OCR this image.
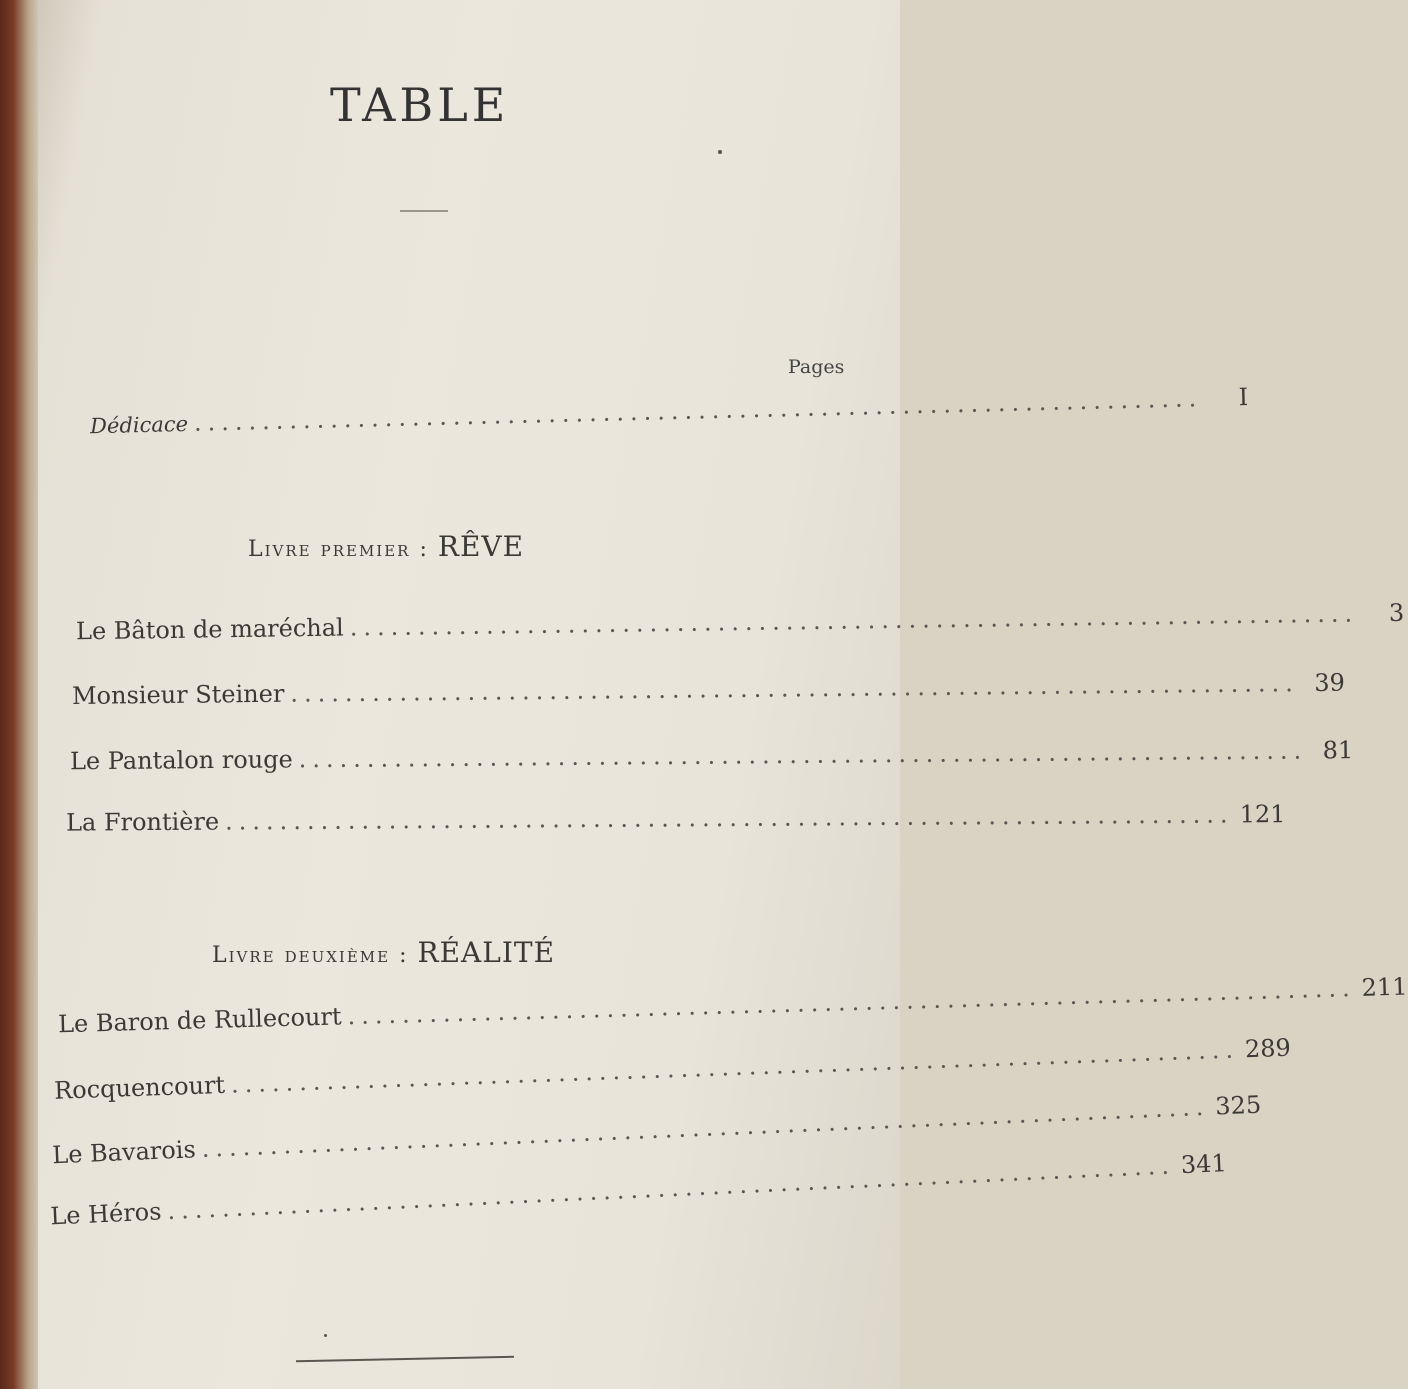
TABLE
Pages
Dédicace ..........................................................................	I
Livre premier : RÊVE
Le Bâton de maréchal ..........................................................................	3
Monsieur Steiner .......................................................................... 39
Le Pantalon rouge .......................................................................... 81
La Frontière .......................................................................... 121
Livre deuxième : RÉALITÉ
Le Baron de Rullecourt .......................................................................... 211
Rocquencourt .......................................................................... 289
Le Bavarois .......................................................................... 325
Le Héros .......................................................................... 341
